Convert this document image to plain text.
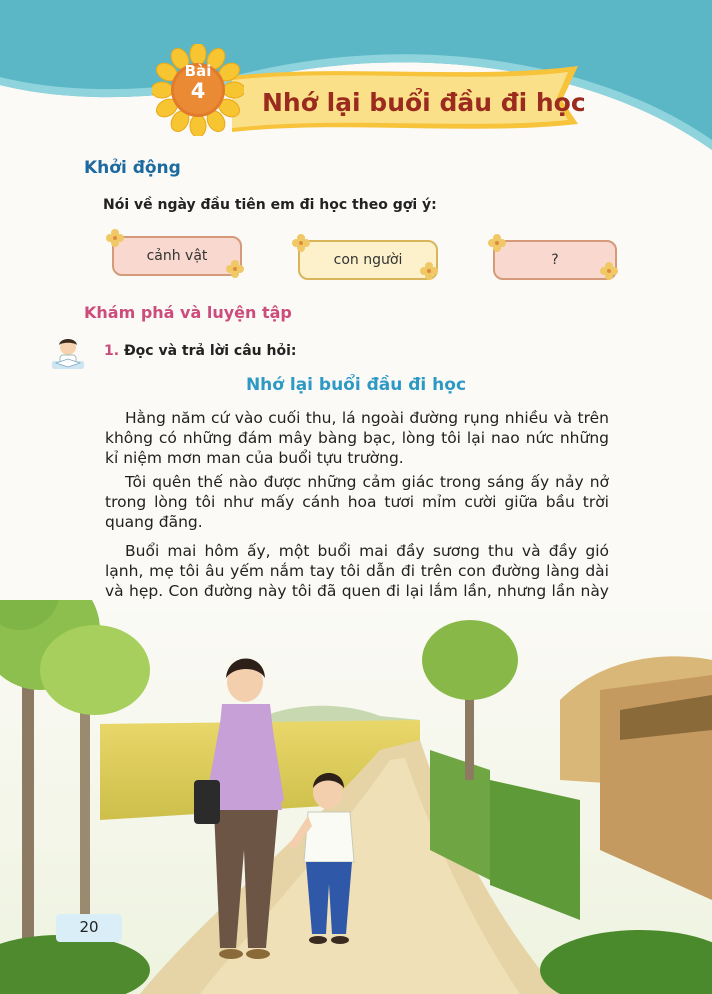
Bài
4	Nhớ lại buổi đầu đi học
Khởi động
Nói về ngày đầu tiên em đi học theo gợi ý:
cảnh vật	con người	?
Khám phá và luyện tập
1. Đọc và trả lời câu hỏi:
Nhớ lại buổi đầu đi học

Hằng năm cứ vào cuối thu, lá ngoài đường rụng nhiều và trên không có những đám mây bàng bạc, lòng tôi lại nao nức những kỉ niệm mơn man của buổi tựu trường.

Tôi quên thế nào được những cảm giác trong sáng ấy nảy nở trong lòng tôi như mấy cánh hoa tươi mỉm cười giữa bầu trời quang đãng.

Buổi mai hôm ấy, một buổi mai đầy sương thu và đầy gió lạnh, mẹ tôi âu yếm nắm tay tôi dẫn đi trên con đường làng dài và hẹp. Con đường này tôi đã quen đi lại lắm lần, nhưng lần này

20
